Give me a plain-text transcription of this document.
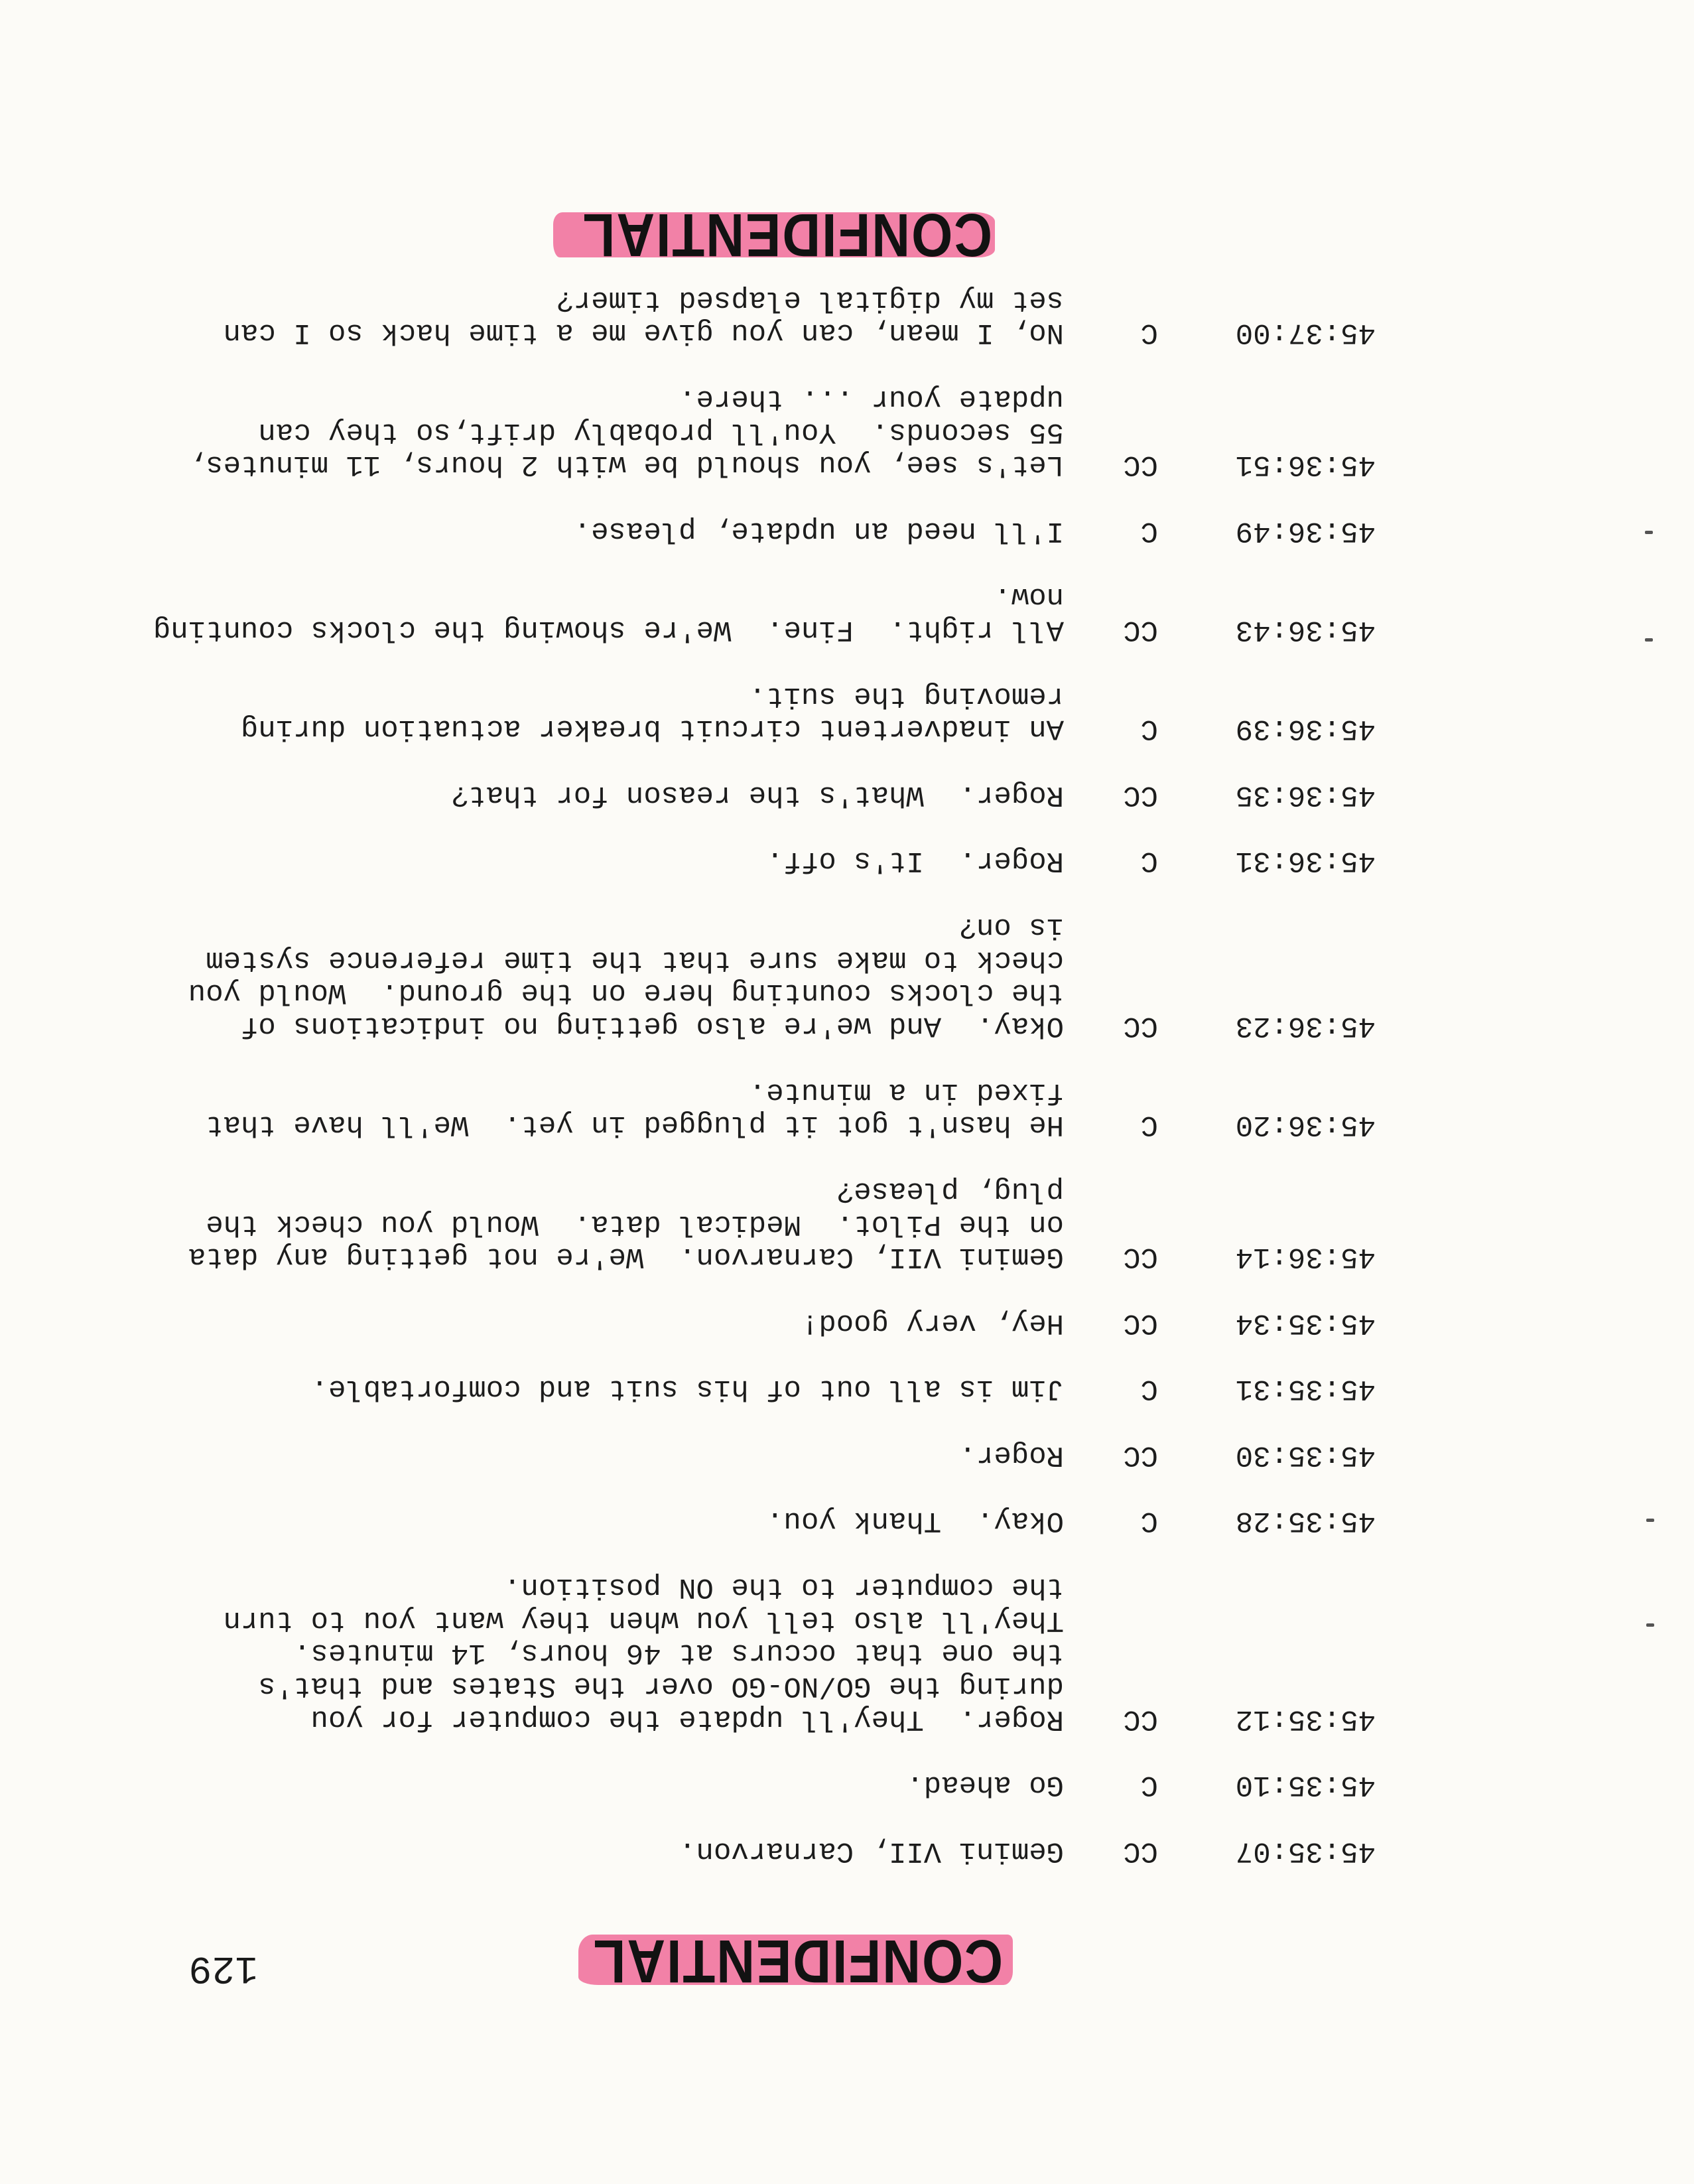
CONFIDENTIAL
129
45:35:07
CC
Gemini VII, Carnarvon.
45:35:10
C
Go ahead.
45:35:12
CC
Roger.  They'll update the computer for you
during the GO/NO-GO over the States and that's
the one that occurs at 46 hours, 14 minutes.
They'll also tell you when they want you to turn
the computer to the ON position.
45:35:28
C
Okay.  Thank you.
45:35:30
CC
Roger.
45:35:31
C
Jim is all out of his suit and comfortable.
45:35:34
CC
Hey, very good!
45:36:14
CC
Gemini VII, Carnarvon.  We're not getting any data
on the Pilot.  Medical data.  Would you check the
plug, please?
45:36:20
C
He hasn't got it plugged in yet.  We'll have that
fixed in a minute.
45:36:23
CC
Okay.  And we're also getting no indications of
the clocks counting here on the ground.  Would you
check to make sure that the time reference system
is on?
45:36:31
C
Roger.  It's off.
45:36:35
CC
Roger.  What's the reason for that?
45:36:39
C
An inadvertent circuit breaker actuation during
removing the suit.
45:36:43
CC
All right.  Fine.  We're showing the clocks counting
now.
45:36:49
C
I'll need an update, please.
45:36:51
CC
Let's see, you should be with 2 hours, 11 minutes,
55 seconds.  You'll probably drift,so they can
update your ... there.
45:37:00
C
No, I mean, can you give me a time hack so I can
set my digital elapsed timer?
CONFIDENTIAL
